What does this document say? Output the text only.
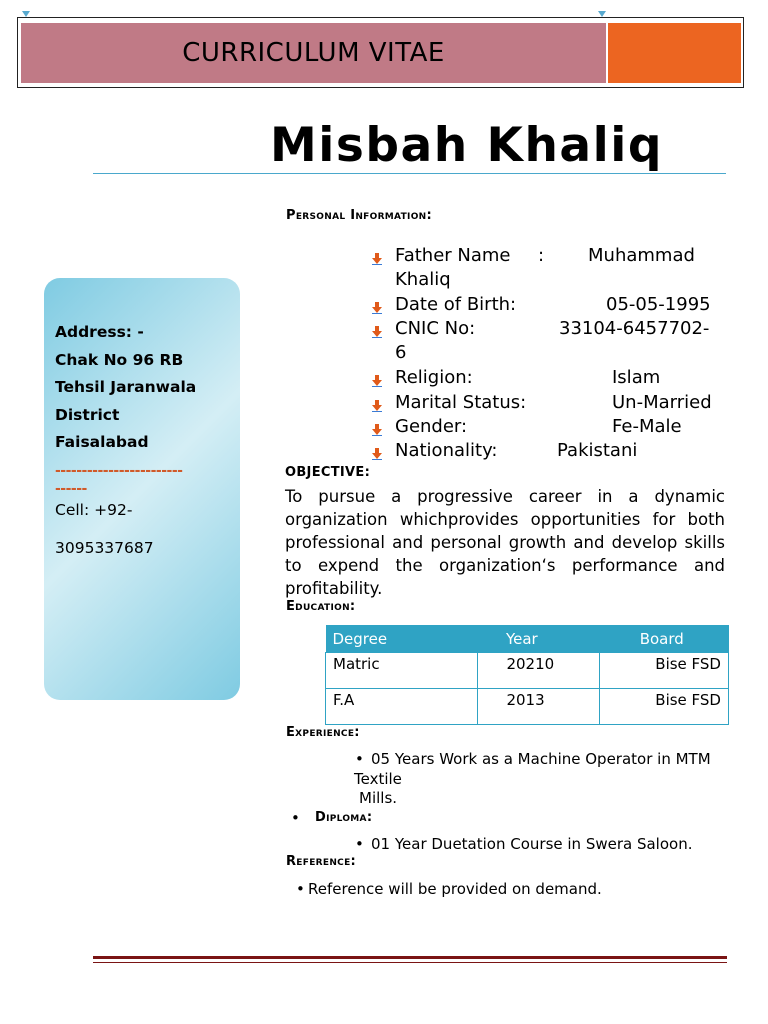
CURRICULUM VITAE
Misbah Khaliq
Personal Information:
Father Name : Muhammad
Khaliq
Date of Birth:	05-05-1995
CNIC No:	33104-6457702-
6
Religion:	Islam
Marital Status:	Un-Married
Gender:	Fe-Male
Nationality:	Pakistani
Address: -
Chak No 96 RB
Tehsil Jaranwala
District
Faisalabad
------------------------
------
Cell: +92-
3095337687
OBJECTIVE:
To pursue a progressive career in a dynamic organization whichprovides opportunities for both professional and personal growth and develop skills to expend the organization‘s performance and profitability.
Education:
Degree	Year	Board
Matric	20210	Bise FSD
F.A	2013	Bise FSD
Experience:
• 05 Years Work as a Machine Operator in MTM
Textile
Mills.
• Diploma:
• 01 Year Duetation Course in Swera Saloon.
Reference:
• Reference will be provided on demand.
